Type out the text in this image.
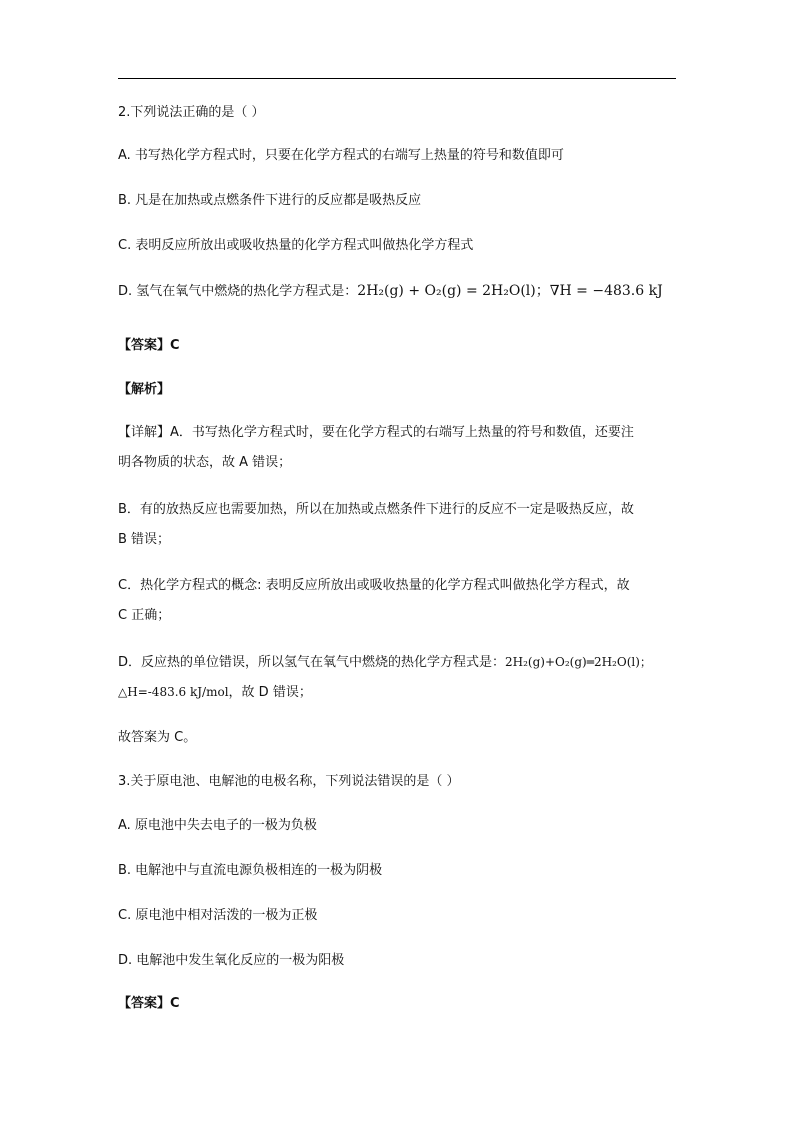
2.下列说法正确的是（ ）
A. 书写热化学方程式时，只要在化学方程式的右端写上热量的符号和数值即可
B. 凡是在加热或点燃条件下进行的反应都是吸热反应
C. 表明反应所放出或吸收热量的化学方程式叫做热化学方程式
D. 氢气在氧气中燃烧的热化学方程式是：2H₂(g) + O₂(g) = 2H₂O(l)；∇H = −483.6 kJ
【答案】C
【解析】
【详解】A．书写热化学方程式时，要在化学方程式的右端写上热量的符号和数值，还要注
明各物质的状态，故 A 错误；
B．有的放热反应也需要加热，所以在加热或点燃条件下进行的反应不一定是吸热反应，故
B 错误；
C．热化学方程式的概念: 表明反应所放出或吸收热量的化学方程式叫做热化学方程式，故
C 正确；
D．反应热的单位错误，所以氢气在氧气中燃烧的热化学方程式是：2H₂(g)+O₂(g)═2H₂O(l)；
△H=-483.6 kJ/mol，故 D 错误；
故答案为 C。
3.关于原电池、电解池的电极名称，下列说法错误的是（ ）
A. 原电池中失去电子的一极为负极
B. 电解池中与直流电源负极相连的一极为阴极
C. 原电池中相对活泼的一极为正极
D. 电解池中发生氧化反应的一极为阳极
【答案】C
